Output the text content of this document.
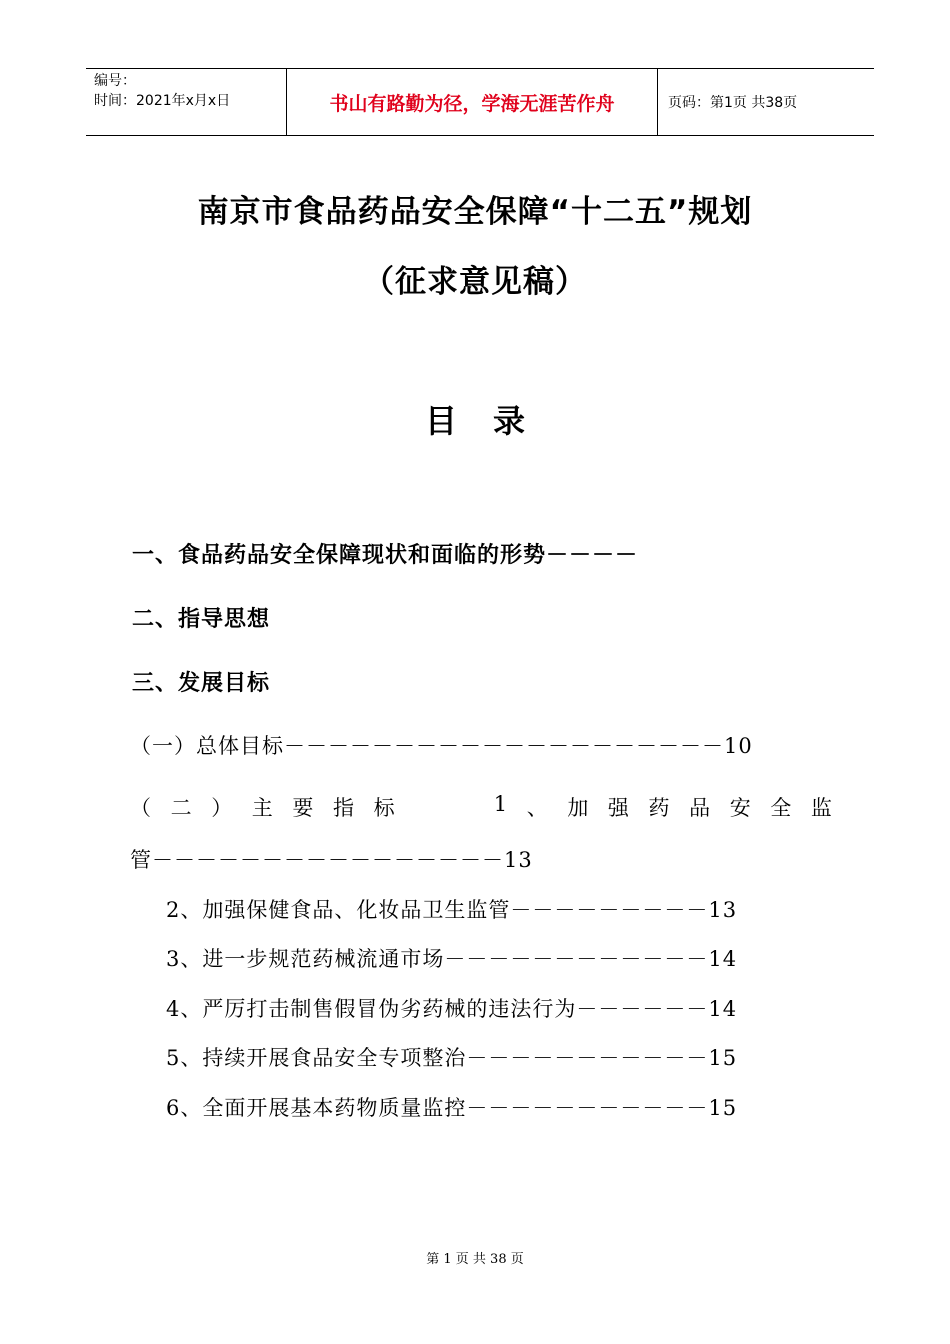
编号：
时间：2021年x月x日	书山有路勤为径，学海无涯苦作舟	页码：第1页 共38页
南京市食品药品安全保障“十二五”规划
（征求意见稿）
目录
一、食品药品安全保障现状和面临的形势－－－－
二、指导思想
三、发展目标
（一）总体目标－－－－－－－－－－－－－－－－－－－－10
（ 二 ） 主 要 指 标	1 、 加 强 药 品 安 全 监
管－－－－－－－－－－－－－－－－13
2、加强保健食品、化妆品卫生监管－－－－－－－－－13
3、进一步规范药械流通市场－－－－－－－－－－－－14
4、严厉打击制售假冒伪劣药械的违法行为－－－－－－14
5、持续开展食品安全专项整治－－－－－－－－－－－15
6、全面开展基本药物质量监控－－－－－－－－－－－15
第 1 页 共 38 页
